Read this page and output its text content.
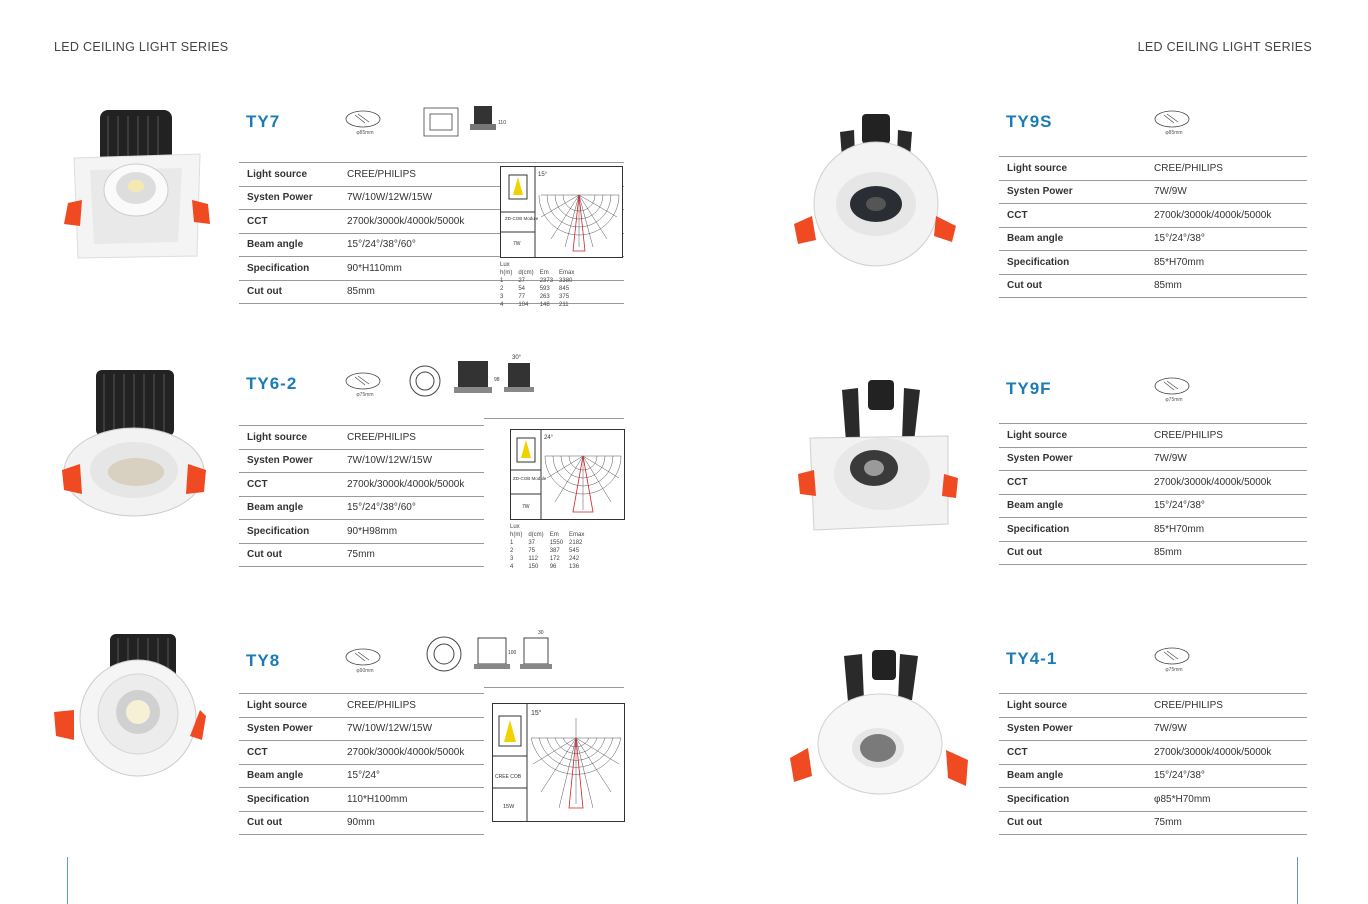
LED CEILING LIGHT SERIES	LED CEILING LIGHT SERIES
TY7
φ85mm
110
Light source	CREE/PHILIPS
Systen Power	7W/10W/12W/15W
CCT	2700k/3000k/4000k/5000k
Beam angle	15°/24°/38°/60°
Specification	90*H110mm
Cut out	85mm
TY6-2
φ75mm
30°
98
Light source	CREE/PHILIPS
Systen Power	7W/10W/12W/15W
CCT	2700k/3000k/4000k/5000k
Beam angle	15°/24°/38°/60°
Specification	90*H98mm
Cut out	75mm
TY8
φ90mm
100
30
Light source	CREE/PHILIPS
Systen Power	7W/10W/12W/15W
CCT	2700k/3000k/4000k/5000k
Beam angle	15°/24°
Specification	110*H100mm
Cut out	90mm
ZD-COB Module
7W
15°
Lux			
h(m)	d(cm)	Em	Emax
1	27	2373	3380
2	54	593	845
3	77	263	375
4	104	148	211
ZD-COB Module
7W
24°
Lux			
h(m)	d(cm)	Em	Emax
1	37	1550	2182
2	75	387	545
3	112	172	242
4	150	96	136
CREE COB
15W
15°
TY9S
φ85mm
Light source	CREE/PHILIPS
Systen Power	7W/9W
CCT	2700k/3000k/4000k/5000k
Beam angle	15°/24°/38°
Specification	85*H70mm
Cut out	85mm
TY9F
φ75mm
Light source	CREE/PHILIPS
Systen Power	7W/9W
CCT	2700k/3000k/4000k/5000k
Beam angle	15°/24°/38°
Specification	85*H70mm
Cut out	85mm
TY4-1
φ75mm
Light source	CREE/PHILIPS
Systen Power	7W/9W
CCT	2700k/3000k/4000k/5000k
Beam angle	15°/24°/38°
Specification	φ85*H70mm
Cut out	75mm
